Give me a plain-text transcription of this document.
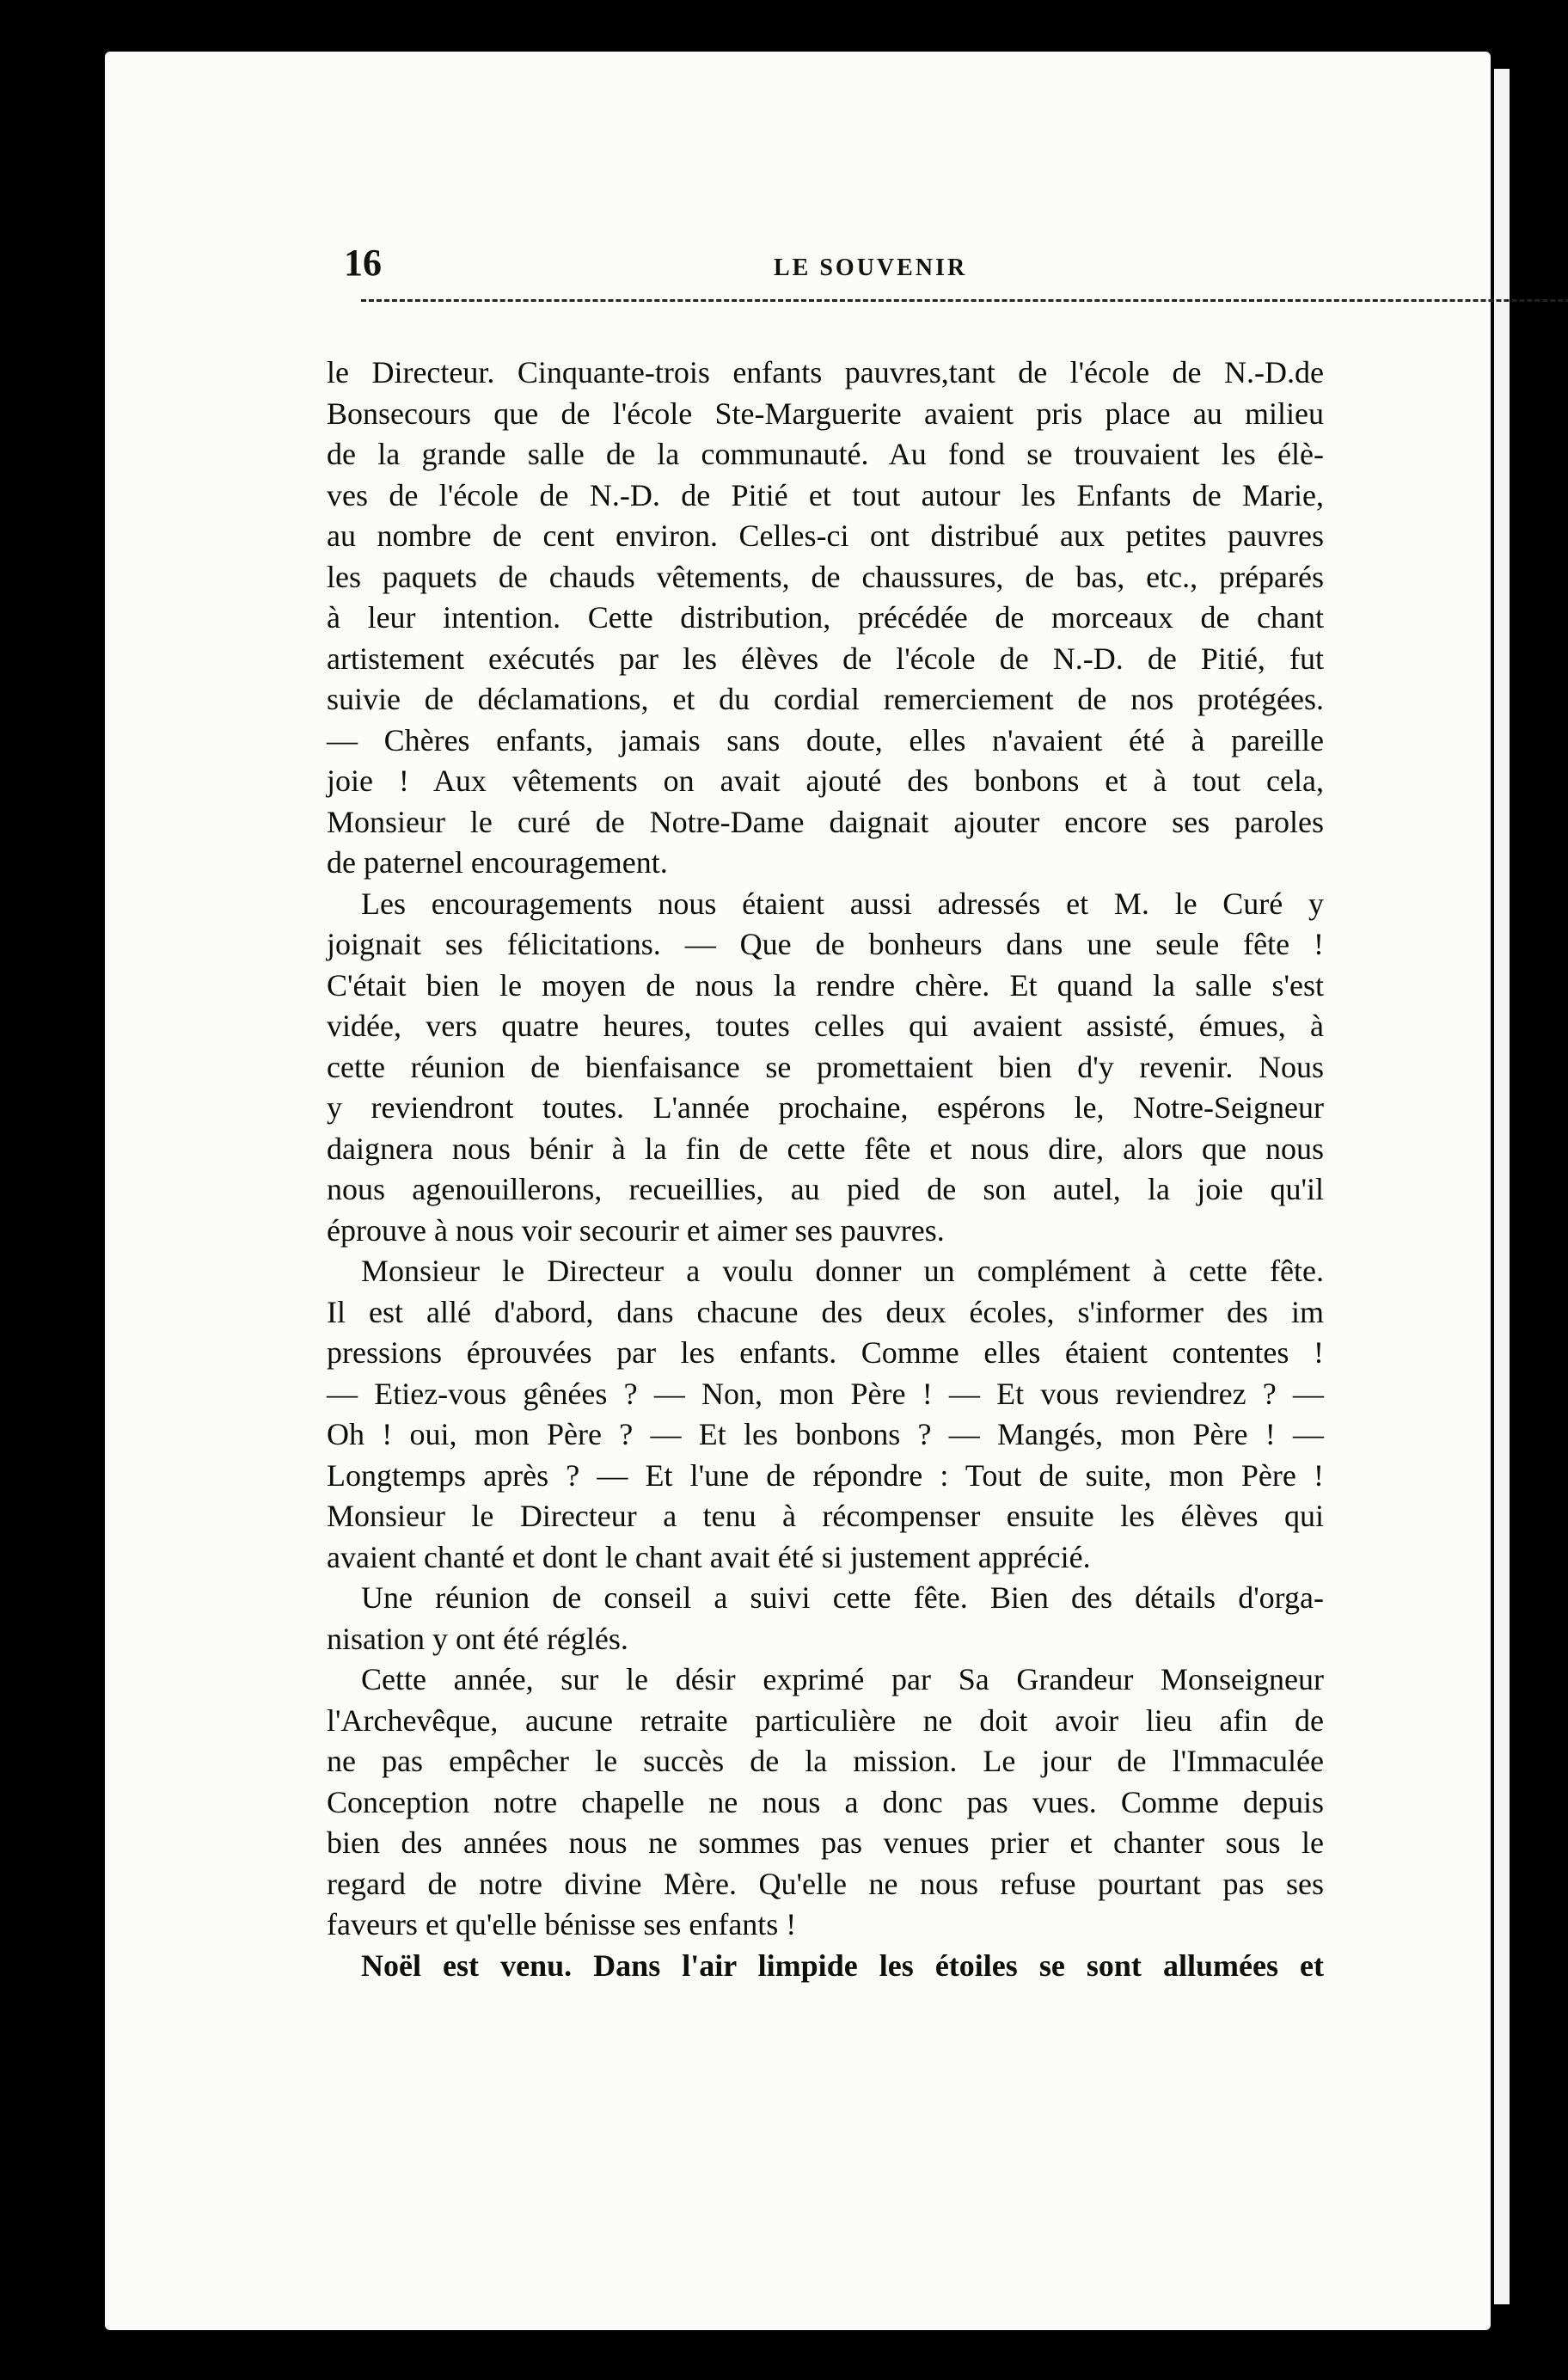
16	LE SOUVENIR
le Directeur. Cinquante-trois enfants pauvres,tant de l'école de N.-D.de
Bonsecours que de l'école Ste-Marguerite avaient pris place au milieu
de la grande salle de la communauté. Au fond se trouvaient les élè-
ves de l'école de N.-D. de Pitié et tout autour les Enfants de Marie,
au nombre de cent environ. Celles-ci ont distribué aux petites pauvres
les paquets de chauds vêtements, de chaussures, de bas, etc., préparés
à leur intention. Cette distribution, précédée de morceaux de chant
artistement exécutés par les élèves de l'école de N.-D. de Pitié, fut
suivie de déclamations, et du cordial remerciement de nos protégées.
— Chères enfants, jamais sans doute, elles n'avaient été à pareille
joie ! Aux vêtements on avait ajouté des bonbons et à tout cela,
Monsieur le curé de Notre-Dame daignait ajouter encore ses paroles
de paternel encouragement.
Les encouragements nous étaient aussi adressés et M. le Curé y
joignait ses félicitations. — Que de bonheurs dans une seule fête !
C'était bien le moyen de nous la rendre chère. Et quand la salle s'est
vidée, vers quatre heures, toutes celles qui avaient assisté, émues, à
cette réunion de bienfaisance se promettaient bien d'y revenir. Nous
y reviendront toutes. L'année prochaine, espérons le, Notre-Seigneur
daignera nous bénir à la fin de cette fête et nous dire, alors que nous
nous agenouillerons, recueillies, au pied de son autel, la joie qu'il
éprouve à nous voir secourir et aimer ses pauvres.
Monsieur le Directeur a voulu donner un complément à cette fête.
Il est allé d'abord, dans chacune des deux écoles, s'informer des im
pressions éprouvées par les enfants. Comme elles étaient contentes !
— Etiez-vous gênées ? — Non, mon Père ! — Et vous reviendrez ? —
Oh ! oui, mon Père ? — Et les bonbons ? — Mangés, mon Père ! —
Longtemps après ? — Et l'une de répondre : Tout de suite, mon Père !
Monsieur le Directeur a tenu à récompenser ensuite les élèves qui
avaient chanté et dont le chant avait été si justement apprécié.
Une réunion de conseil a suivi cette fête. Bien des détails d'orga-
nisation y ont été réglés.
Cette année, sur le désir exprimé par Sa Grandeur Monseigneur
l'Archevêque, aucune retraite particulière ne doit avoir lieu afin de
ne pas empêcher le succès de la mission. Le jour de l'Immaculée
Conception notre chapelle ne nous a donc pas vues. Comme depuis
bien des années nous ne sommes pas venues prier et chanter sous le
regard de notre divine Mère. Qu'elle ne nous refuse pourtant pas ses
faveurs et qu'elle bénisse ses enfants !
Noël est venu. Dans l'air limpide les étoiles se sont allumées et
